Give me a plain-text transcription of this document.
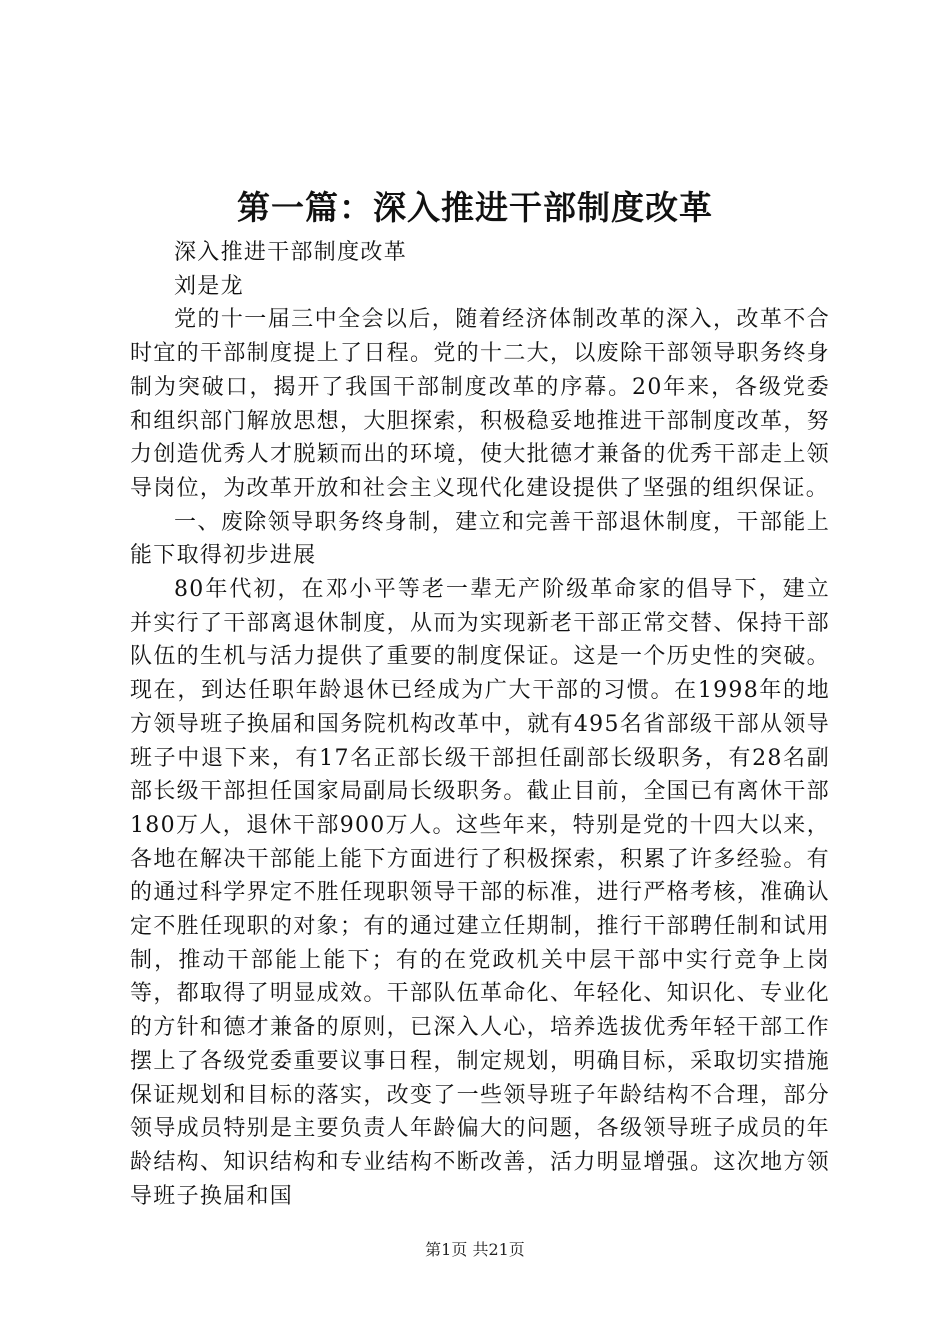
第一篇：深入推进干部制度改革

深入推进干部制度改革

刘是龙

党的十一届三中全会以后，随着经济体制改革的深入，改革不合时宜的干部制度提上了日程。党的十二大，以废除干部领导职务终身制为突破口，揭开了我国干部制度改革的序幕。20年来，各级党委和组织部门解放思想，大胆探索，积极稳妥地推进干部制度改革，努力创造优秀人才脱颖而出的环境，使大批德才兼备的优秀干部走上领导岗位，为改革开放和社会主义现代化建设提供了坚强的组织保证。

一、废除领导职务终身制，建立和完善干部退休制度，干部能上能下取得初步进展

80年代初，在邓小平等老一辈无产阶级革命家的倡导下，建立并实行了干部离退休制度，从而为实现新老干部正常交替、保持干部队伍的生机与活力提供了重要的制度保证。这是一个历史性的突破。现在，到达任职年龄退休已经成为广大干部的习惯。在1998年的地方领导班子换届和国务院机构改革中，就有495名省部级干部从领导班子中退下来，有17名正部长级干部担任副部长级职务，有28名副部长级干部担任国家局副局长级职务。截止目前，全国已有离休干部180万人，退休干部900万人。这些年来，特别是党的十四大以来，各地在解决干部能上能下方面进行了积极探索，积累了许多经验。有的通过科学界定不胜任现职领导干部的标准，进行严格考核，准确认定不胜任现职的对象；有的通过建立任期制，推行干部聘任制和试用制，推动干部能上能下；有的在党政机关中层干部中实行竞争上岗等，都取得了明显成效。干部队伍革命化、年轻化、知识化、专业化的方针和德才兼备的原则，已深入人心，培养选拔优秀年轻干部工作摆上了各级党委重要议事日程，制定规划，明确目标，采取切实措施保证规划和目标的落实，改变了一些领导班子年龄结构不合理，部分领导成员特别是主要负责人年龄偏大的问题，各级领导班子成员的年龄结构、知识结构和专业结构不断改善，活力明显增强。这次地方领导班子换届和国

第1页 共21页
